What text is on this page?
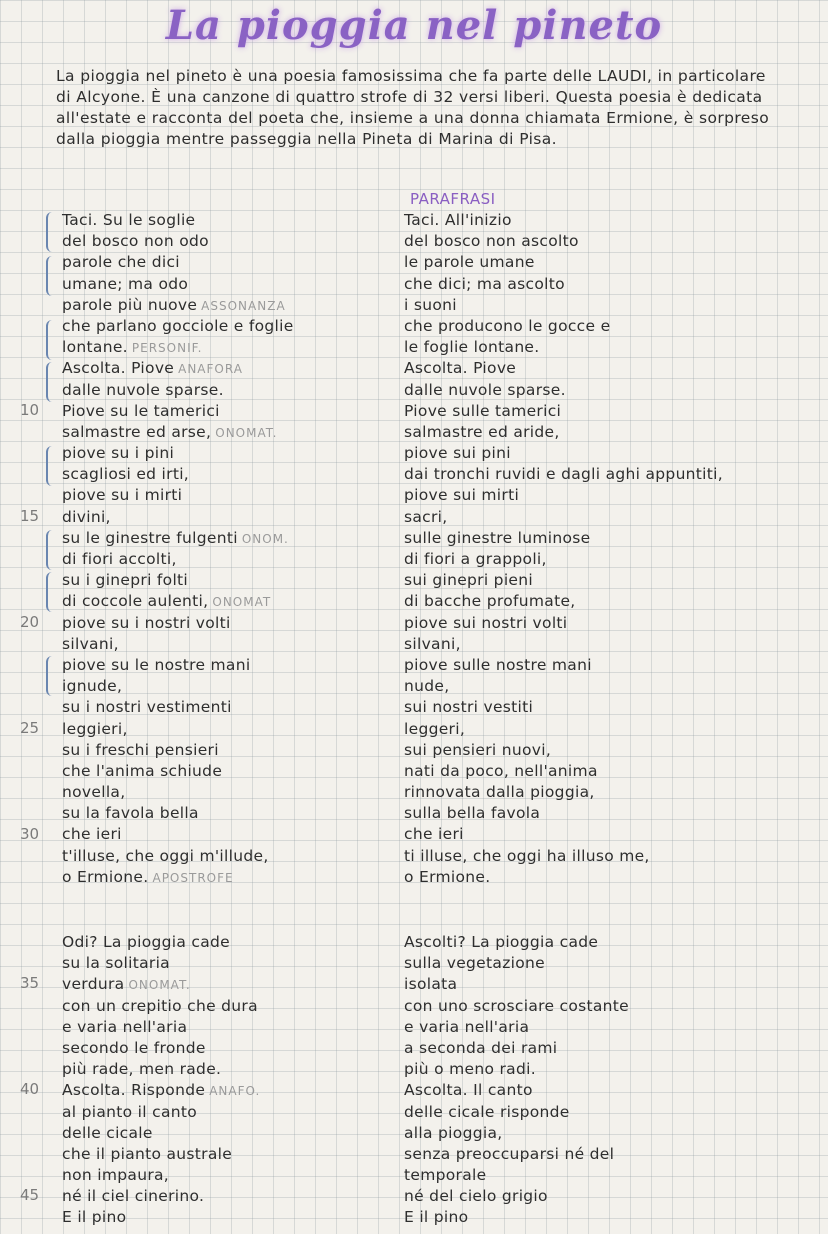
La pioggia nel pineto
La pioggia nel pineto è una poesia famosissima che fa parte delle LAUDI, in particolare di Alcyone. È una canzone di quattro strofe di 32 versi liberi. Questa poesia è dedicata all'estate e racconta del poeta che, insieme a una donna chiamata Ermione, è sorpreso dalla pioggia mentre passeggia nella Pineta di Marina di Pisa.
PARAFRASI
10
15
20
25
30
35
40
45
Taci. Su le soglie
del bosco non odo
parole che dici
umane; ma odo
parole più nuove ASSONANZA
che parlano gocciole e foglie
lontane. PERSONIF.
Ascolta. Piove ANAFORA
dalle nuvole sparse.
Piove su le tamerici
salmastre ed arse, ONOMAT.
piove su i pini
scagliosi ed irti,
piove su i mirti
divini,
su le ginestre fulgenti ONOM.
di fiori accolti,
su i ginepri folti
di coccole aulenti, ONOMAT
piove su i nostri volti
silvani,
piove su le nostre mani
ignude,
su i nostri vestimenti
leggieri,
su i freschi pensieri
che l'anima schiude
novella,
su la favola bella
che ieri
t'illuse, che oggi m'illude,
o Ermione. APOSTROFE
Taci. All'inizio
del bosco non ascolto
le parole umane
che dici; ma ascolto
i suoni
che producono le gocce e
le foglie lontane.
Ascolta. Piove
dalle nuvole sparse.
Piove sulle tamerici
salmastre ed aride,
piove sui pini
dai tronchi ruvidi e dagli aghi appuntiti,
piove sui mirti
sacri,
sulle ginestre luminose
di fiori a grappoli,
sui ginepri pieni
di bacche profumate,
piove sui nostri volti
silvani,
piove sulle nostre mani
nude,
sui nostri vestiti
leggeri,
sui pensieri nuovi,
nati da poco, nell'anima
rinnovata dalla pioggia,
sulla bella favola
che ieri
ti illuse, che oggi ha illuso me,
o Ermione.
Odi? La pioggia cade
su la solitaria
verdura ONOMAT.
con un crepitio che dura
e varia nell'aria
secondo le fronde
più rade, men rade.
Ascolta. Risponde ANAFO.
al pianto il canto
delle cicale
che il pianto australe
non impaura,
né il ciel cinerino.
E il pino
Ascolti? La pioggia cade
sulla vegetazione
isolata
con uno scrosciare costante
e varia nell'aria
a seconda dei rami
più o meno radi.
Ascolta. Il canto
delle cicale risponde
alla pioggia,
senza preoccuparsi né del
temporale
né del cielo grigio
E il pino
